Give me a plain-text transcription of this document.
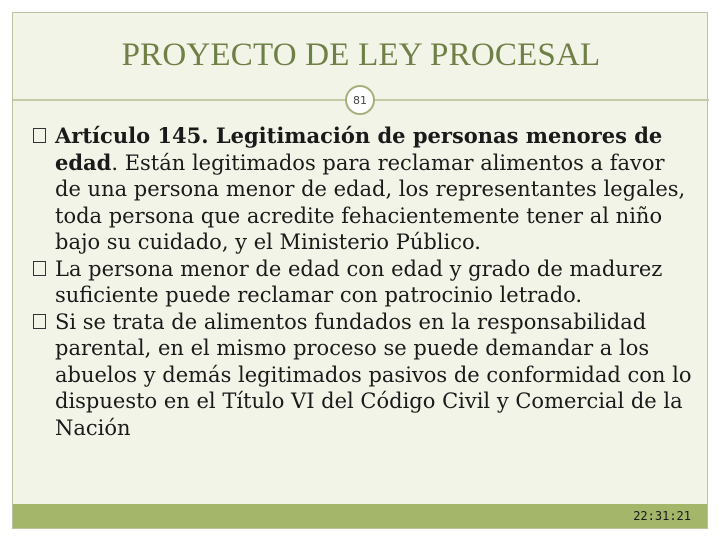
PROYECTO DE LEY PROCESAL
81

Artículo 145. Legitimación de personas menores de edad. Están legitimados para reclamar alimentos a favor de una persona menor de edad, los representantes legales, toda persona que acredite fehacientemente tener al niño bajo su cuidado, y el Ministerio Público.

La persona menor de edad con edad y grado de madurez suficiente puede reclamar con patrocinio letrado.

Si se trata de alimentos fundados en la responsabilidad parental, en el mismo proceso se puede demandar a los abuelos y demás legitimados pasivos de conformidad con lo dispuesto en el Título VI del Código Civil y Comercial de la Nación

22:31:21
